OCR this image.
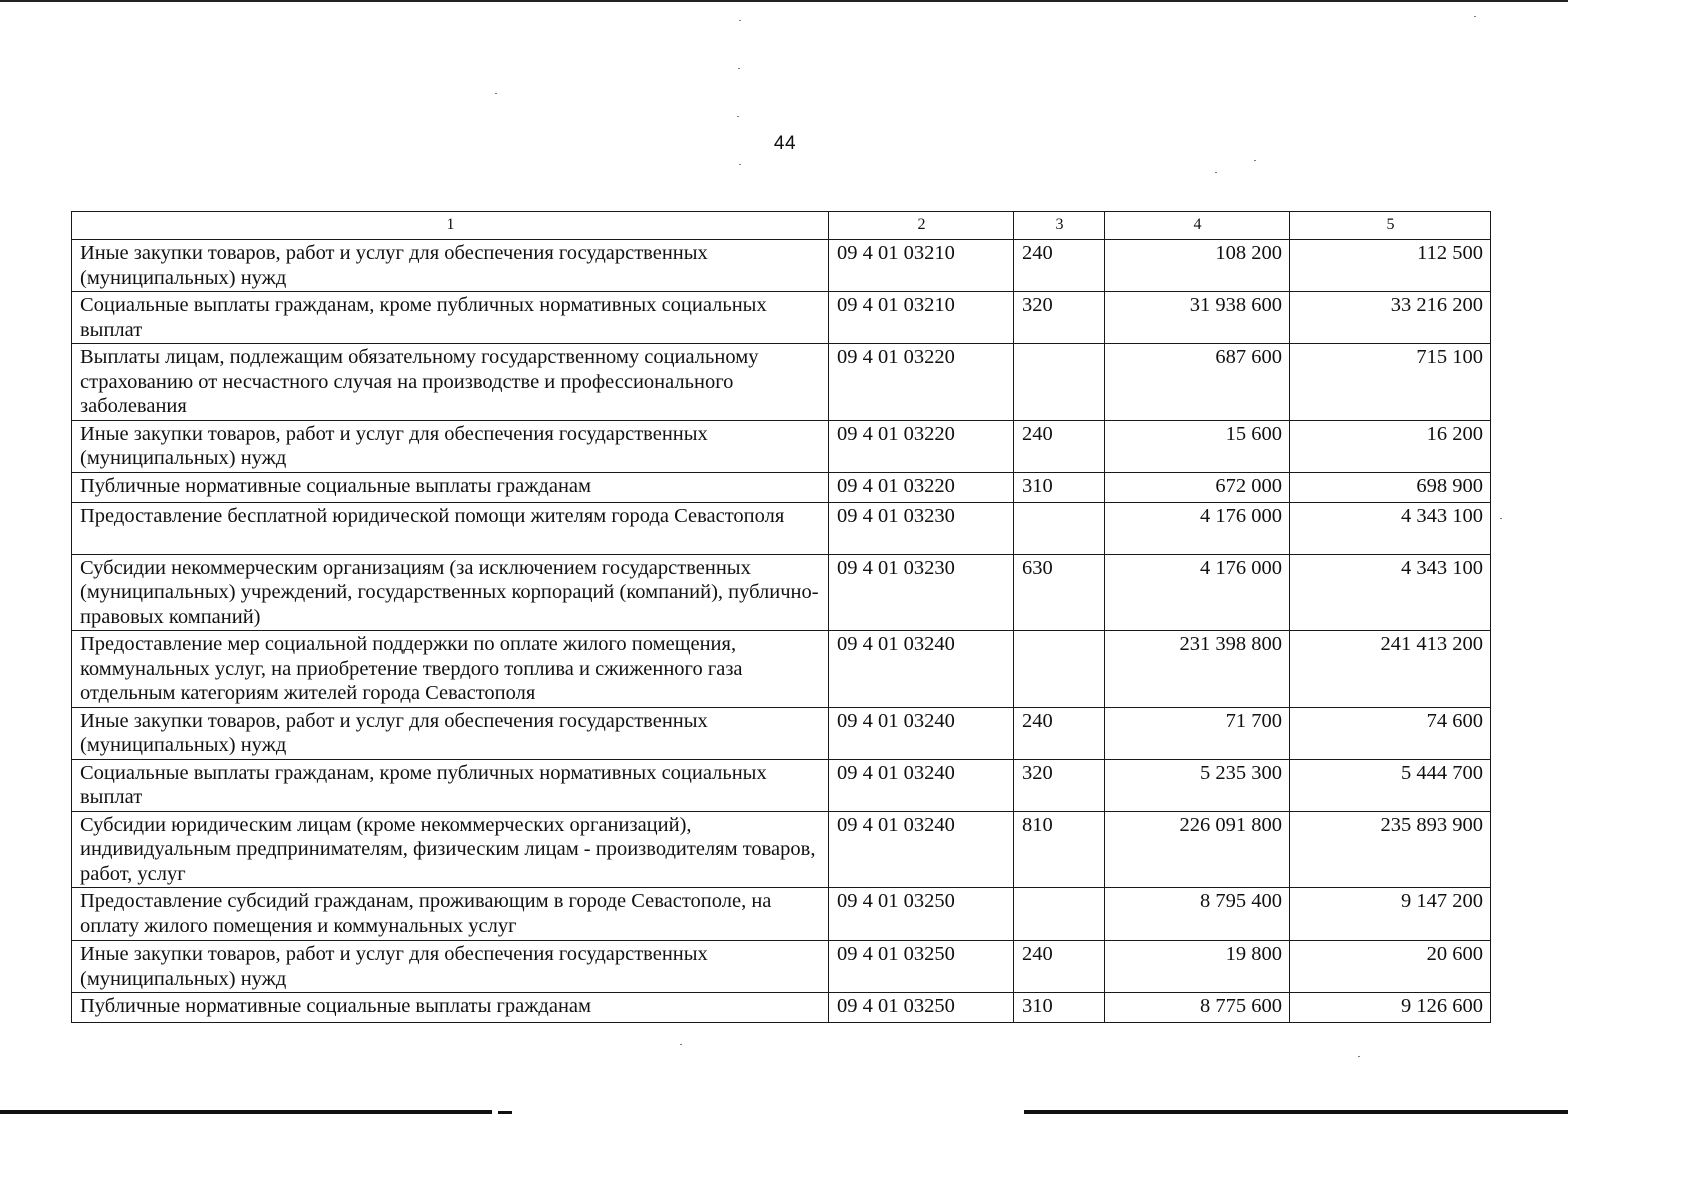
44
1	2	3	4	5
Иные закупки товаров, работ и услуг для обеспечения государственных (муниципальных) нужд	09 4 01 03210	240	108 200	112 500
Социальные выплаты гражданам, кроме публичных нормативных социальных выплат	09 4 01 03210	320	31 938 600	33 216 200
Выплаты лицам, подлежащим обязательному государственному социальному страхованию от несчастного случая на производстве и профессионального заболевания	09 4 01 03220		687 600	715 100
Иные закупки товаров, работ и услуг для обеспечения государственных (муниципальных) нужд	09 4 01 03220	240	15 600	16 200
Публичные нормативные социальные выплаты гражданам	09 4 01 03220	310	672 000	698 900
Предоставление бесплатной юридической помощи жителям города Севастополя	09 4 01 03230		4 176 000	4 343 100
Субсидии некоммерческим организациям (за исключением государственных (муниципальных) учреждений, государственных корпораций (компаний), публично-правовых компаний)	09 4 01 03230	630	4 176 000	4 343 100
Предоставление мер социальной поддержки по оплате жилого помещения, коммунальных услуг, на приобретение твердого топлива и сжиженного газа отдельным категориям жителей города Севастополя	09 4 01 03240		231 398 800	241 413 200
Иные закупки товаров, работ и услуг для обеспечения государственных (муниципальных) нужд	09 4 01 03240	240	71 700	74 600
Социальные выплаты гражданам, кроме публичных нормативных социальных выплат	09 4 01 03240	320	5 235 300	5 444 700
Субсидии юридическим лицам (кроме некоммерческих организаций), индивидуальным предпринимателям, физическим лицам - производителям товаров, работ, услуг	09 4 01 03240	810	226 091 800	235 893 900
Предоставление субсидий гражданам, проживающим в городе Севастополе, на оплату жилого помещения и коммунальных услуг	09 4 01 03250		8 795 400	9 147 200
Иные закупки товаров, работ и услуг для обеспечения государственных (муниципальных) нужд	09 4 01 03250	240	19 800	20 600
Публичные нормативные социальные выплаты гражданам	09 4 01 03250	310	8 775 600	9 126 600
